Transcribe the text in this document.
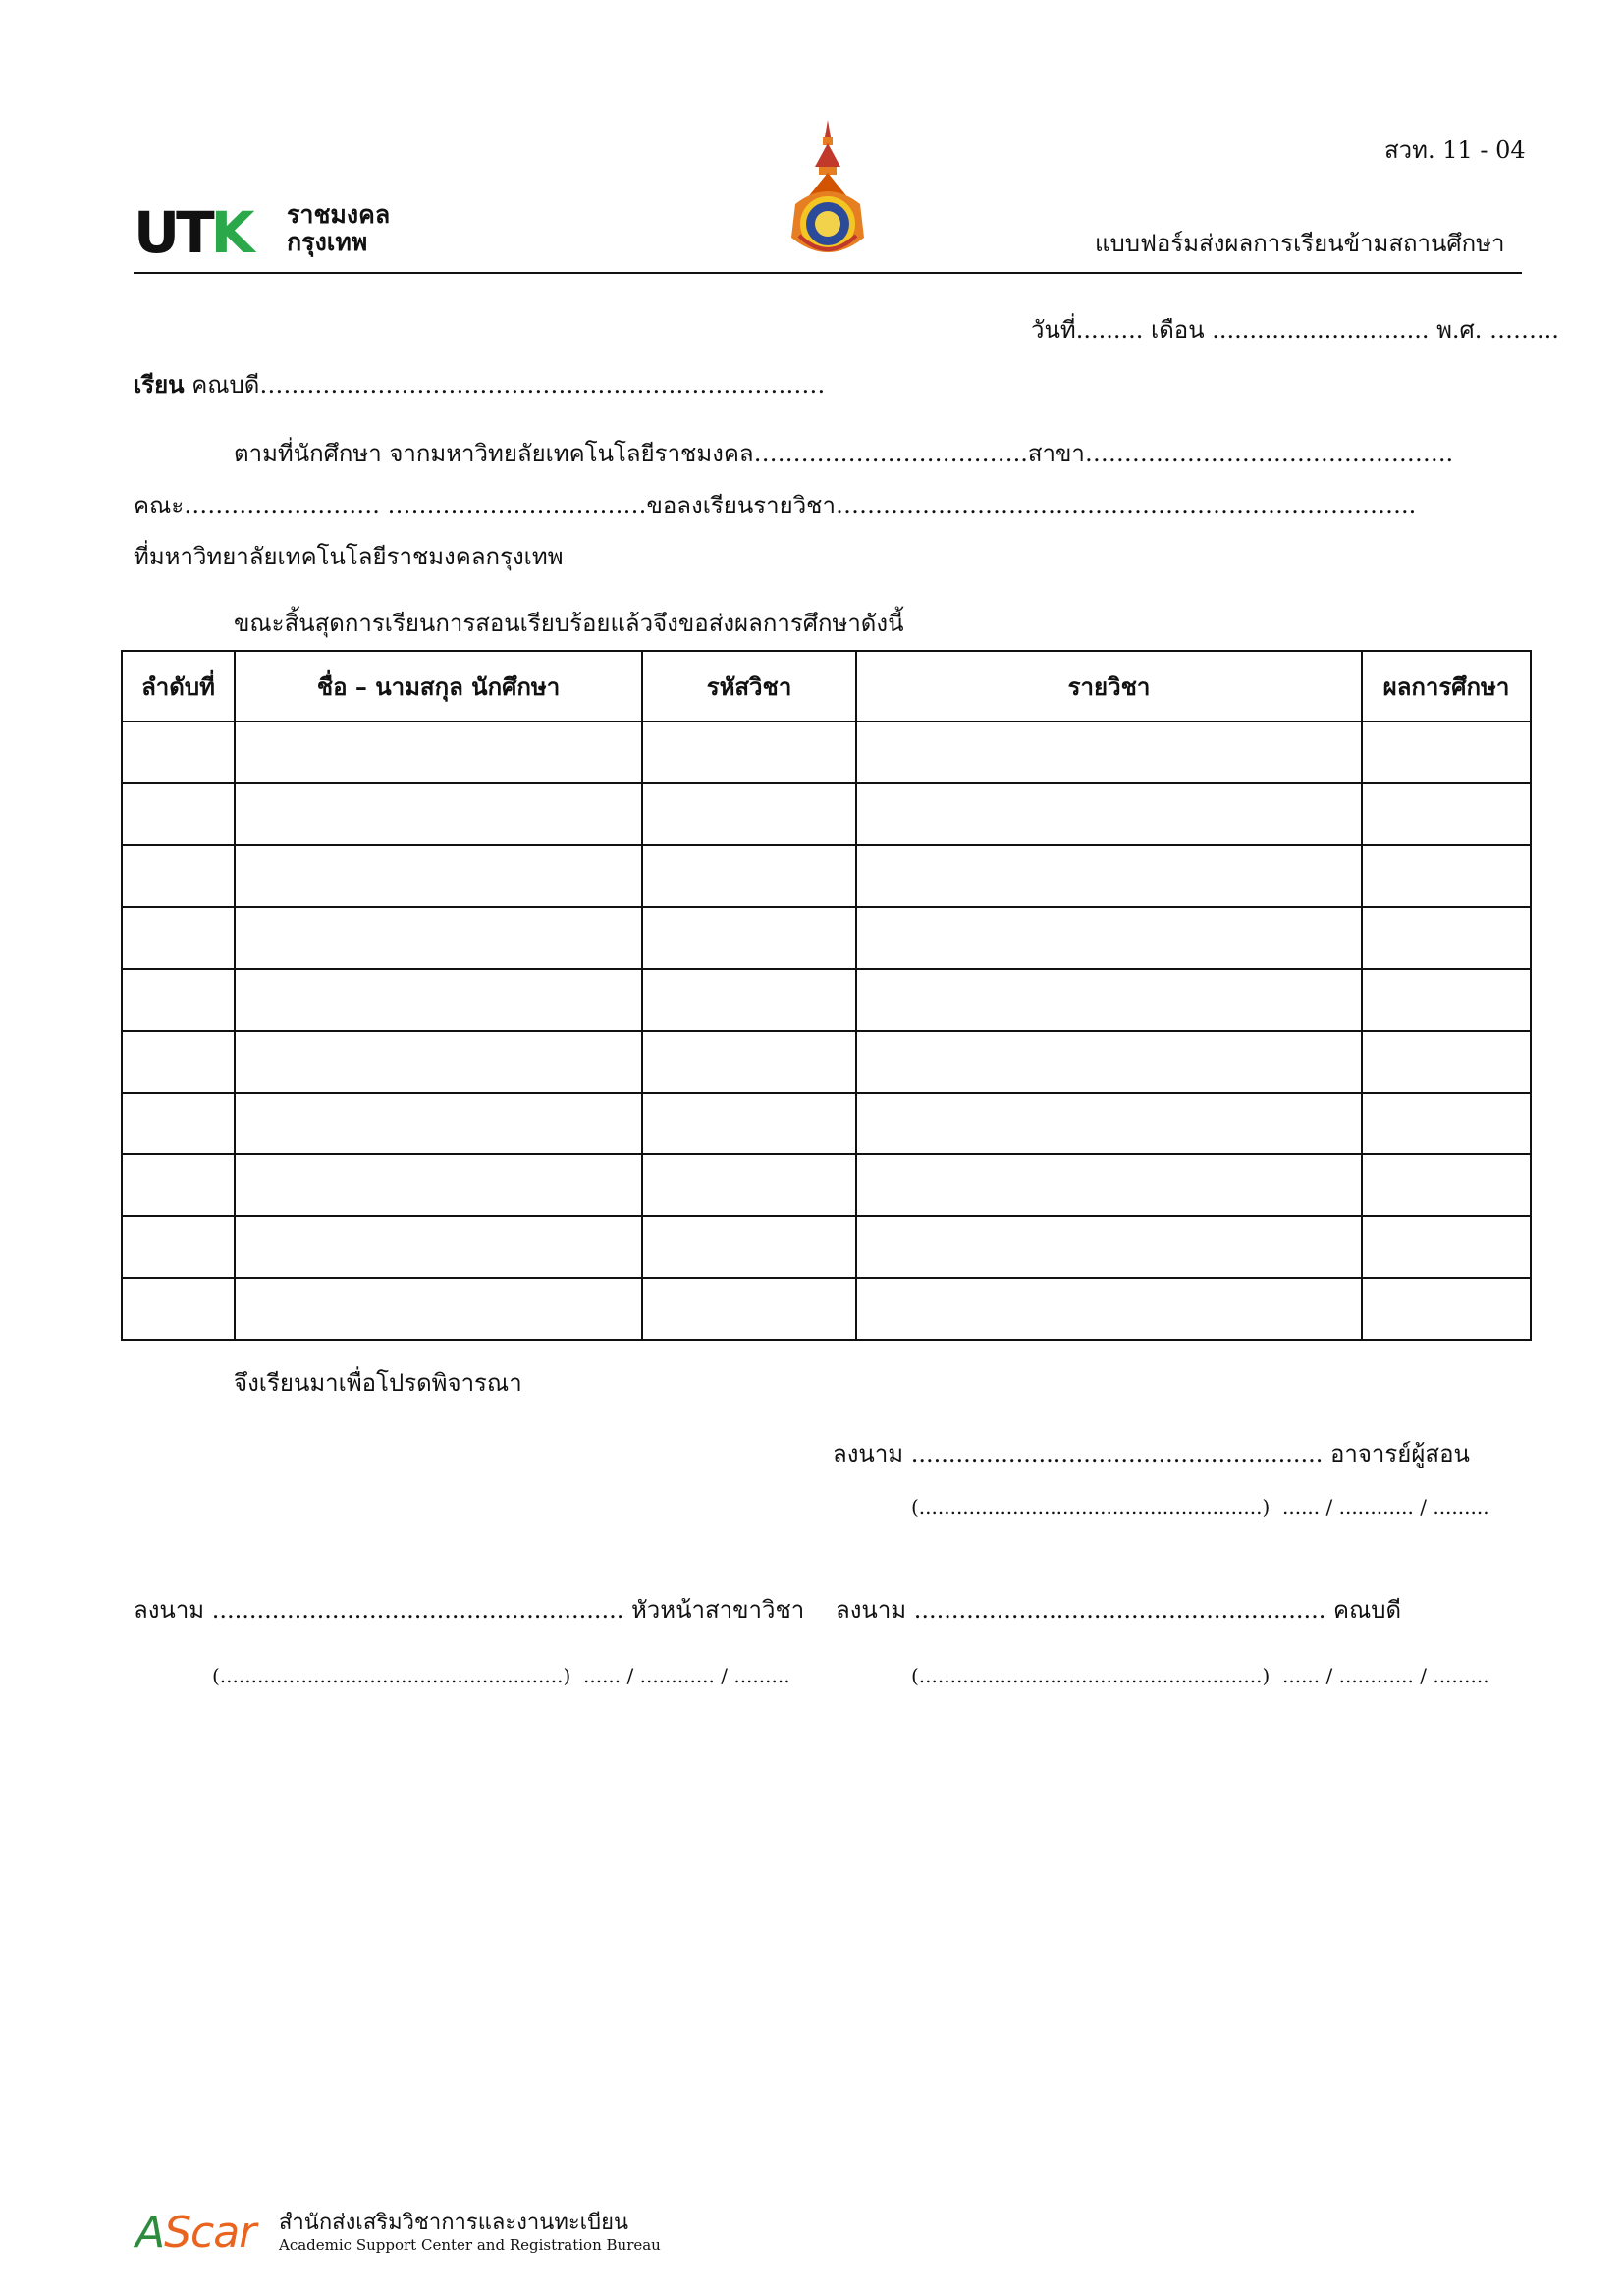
สวท. 11 - 04
UTK ราชมงคล
กรุงเทพ	แบบฟอร์มส่งผลการเรียนข้ามสถานศึกษา
วันที่......... เดือน ............................. พ.ศ. ……...
เรียน คณบดี………………………………………………………………
ตามที่นักศึกษา จากมหาวิทยลัยเทคโนโลยีราชมงคล……………………………..สาขา………………………………………..
คณะ……………………. ……………………………ขอลงเรียนรายวิชา………………………………………………………………..
ที่มหาวิทยาลัยเทคโนโลยีราชมงคลกรุงเทพ
ขณะสิ้นสุดการเรียนการสอนเรียบร้อยแล้วจึงขอส่งผลการศึกษาดังนี้
ลำดับที่	ชื่อ – นามสกุล นักศึกษา	รหัสวิชา	รายวิชา	ผลการศึกษา

จึงเรียนมาเพื่อโปรดพิจารณา
ลงนาม ....................................................... อาจารย์ผู้สอน
(.......................................................) ...... / ............ / .........
ลงนาม ....................................................... หัวหน้าสาขาวิชา
(.......................................................) ...... / ............ / .........
ลงนาม ....................................................... คณบดี
(.......................................................) ...... / ............ / .........
AScar สำนักส่งเสริมวิชาการและงานทะเบียน
Academic Support Center and Registration Bureau
